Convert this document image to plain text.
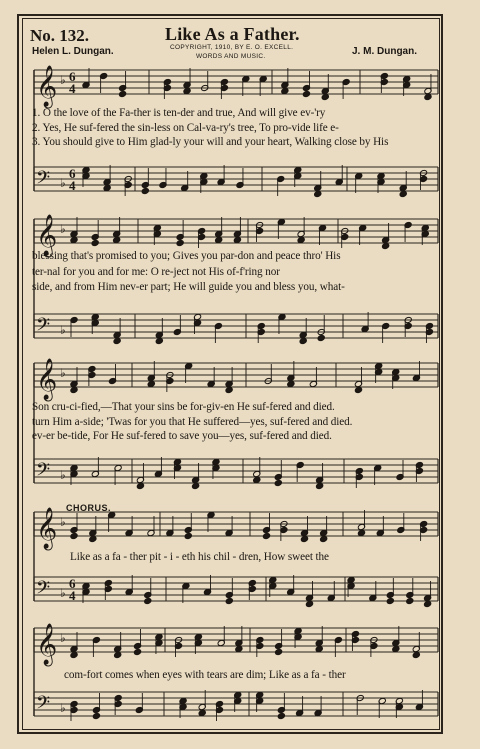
No. 132.	Like As a Father.
Helen L. Dungan.	J. M. Dungan.
COPYRIGHT, 1910, BY E. O. EXCELL.
WORDS AND MUSIC.
𝄞 ♭ 6
4
𝄢 ♭
6
4
𝄞 ♭
𝄢 ♭
𝄞 ♭
𝄢 ♭
𝄞 ♭
𝄢 ♭
6
4
𝄞 ♭
𝄢 ♭
1. O the love of the Fa-ther is ten-der and true, And will give ev-'ry
2. Yes, He suf-fered the sin-less on Cal-va-ry's tree, To pro-vide life e-
3. You should give to Him glad-ly your will and your heart, Walking close by His
blessing that's promised to you; Gives you par-don and peace thro' His
ter-nal for you and for me: O re-ject not His of-f'ring nor
side, and from Him nev-er part; He will guide you and bless you, what-
Son cru-ci-fied,—That your sins be for-giv-en He suf-fered and died.
turn Him a-side; 'Twas for you that He suffered—yes, suf-fered and died.
ev-er be-tide, For He suf-fered to save you—yes, suf-fered and died.
CHORUS.
Like as a fa - ther pit - i - eth his chil - dren, How sweet the
com-fort comes when eyes with tears are dim; Like as a fa - ther
